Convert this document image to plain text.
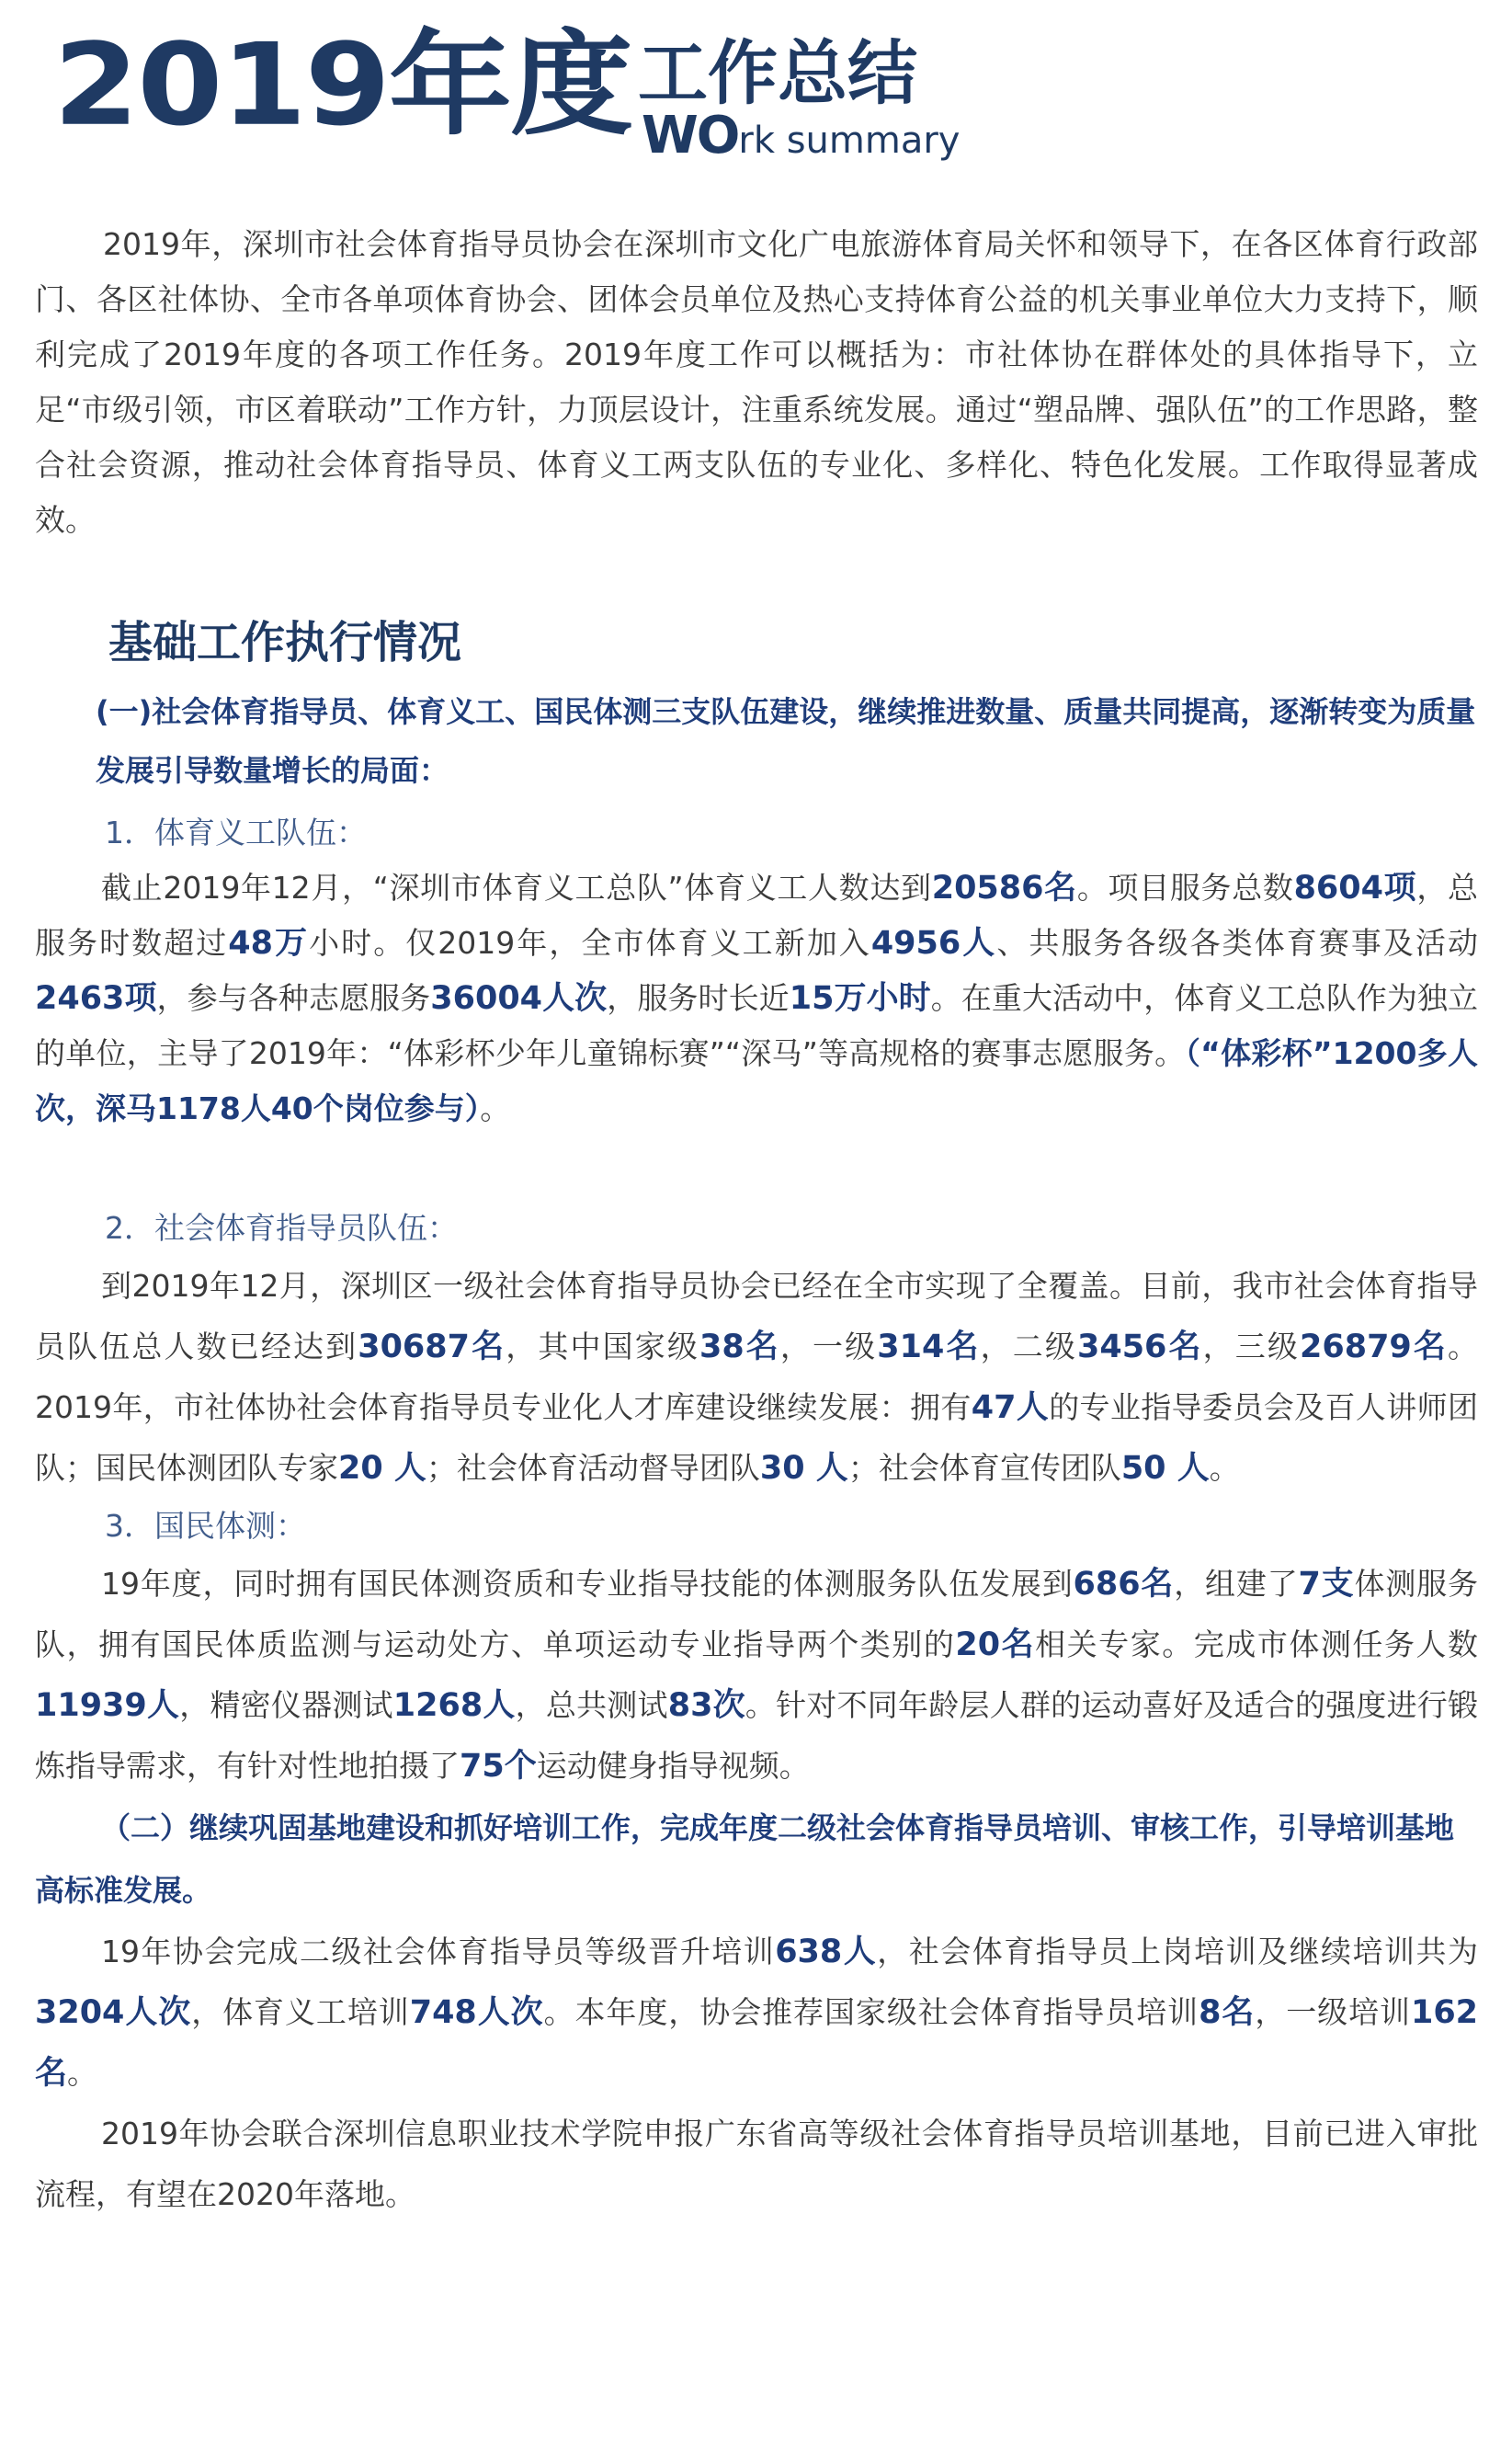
2019年度 工作总结
WOrk summary

2019年，深圳市社会体育指导员协会在深圳市文化广电旅游体育局关怀和领导下，在各区体育行政部门、各区社体协、全市各单项体育协会、团体会员单位及热心支持体育公益的机关事业单位大力支持下，顺利完成了2019年度的各项工作任务。2019年度工作可以概括为：市社体协在群体处的具体指导下，立足“市级引领，市区着联动”工作方针，力顶层设计，注重系统发展。通过“塑品牌、强队伍”的工作思路，整合社会资源，推动社会体育指导员、体育义工两支队伍的专业化、多样化、特色化发展。工作取得显著成效。

基础工作执行情况

(一)社会体育指导员、体育义工、国民体测三支队伍建设，继续推进数量、质量共同提高，逐渐转变为质量发展引导数量增长的局面：

1．体育义工队伍：

截止2019年12月，“深圳市体育义工总队”体育义工人数达到20586名。项目服务总数8604项，总服务时数超过48万小时。仅2019年，全市体育义工新加入4956人、共服务各级各类体育赛事及活动2463项，参与各种志愿服务36004人次，服务时长近15万小时。在重大活动中，体育义工总队作为独立的单位，主导了2019年：“体彩杯少年儿童锦标赛”“深马”等高规格的赛事志愿服务。（“体彩杯”1200多人次，深马1178人40个岗位参与）。

2．社会体育指导员队伍：

到2019年12月，深圳区一级社会体育指导员协会已经在全市实现了全覆盖。目前，我市社会体育指导员队伍总人数已经达到30687名，其中国家级38名，一级314名，二级3456名，三级26879名。2019年，市社体协社会体育指导员专业化人才库建设继续发展：拥有47人的专业指导委员会及百人讲师团队；国民体测团队专家20 人；社会体育活动督导团队30 人；社会体育宣传团队50 人。

3．国民体测：

19年度，同时拥有国民体测资质和专业指导技能的体测服务队伍发展到686名，组建了7支体测服务队，拥有国民体质监测与运动处方、单项运动专业指导两个类别的20名相关专家。完成市体测任务人数11939人，精密仪器测试1268人，总共测试83次。针对不同年龄层人群的运动喜好及适合的强度进行锻炼指导需求，有针对性地拍摄了75个运动健身指导视频。

（二）继续巩固基地建设和抓好培训工作，完成年度二级社会体育指导员培训、审核工作，引导培训基地高标准发展。

19年协会完成二级社会体育指导员等级晋升培训638人，社会体育指导员上岗培训及继续培训共为3204人次，体育义工培训748人次。本年度，协会推荐国家级社会体育指导员培训8名，一级培训162名。

2019年协会联合深圳信息职业技术学院申报广东省高等级社会体育指导员培训基地，目前已进入审批流程，有望在2020年落地。
